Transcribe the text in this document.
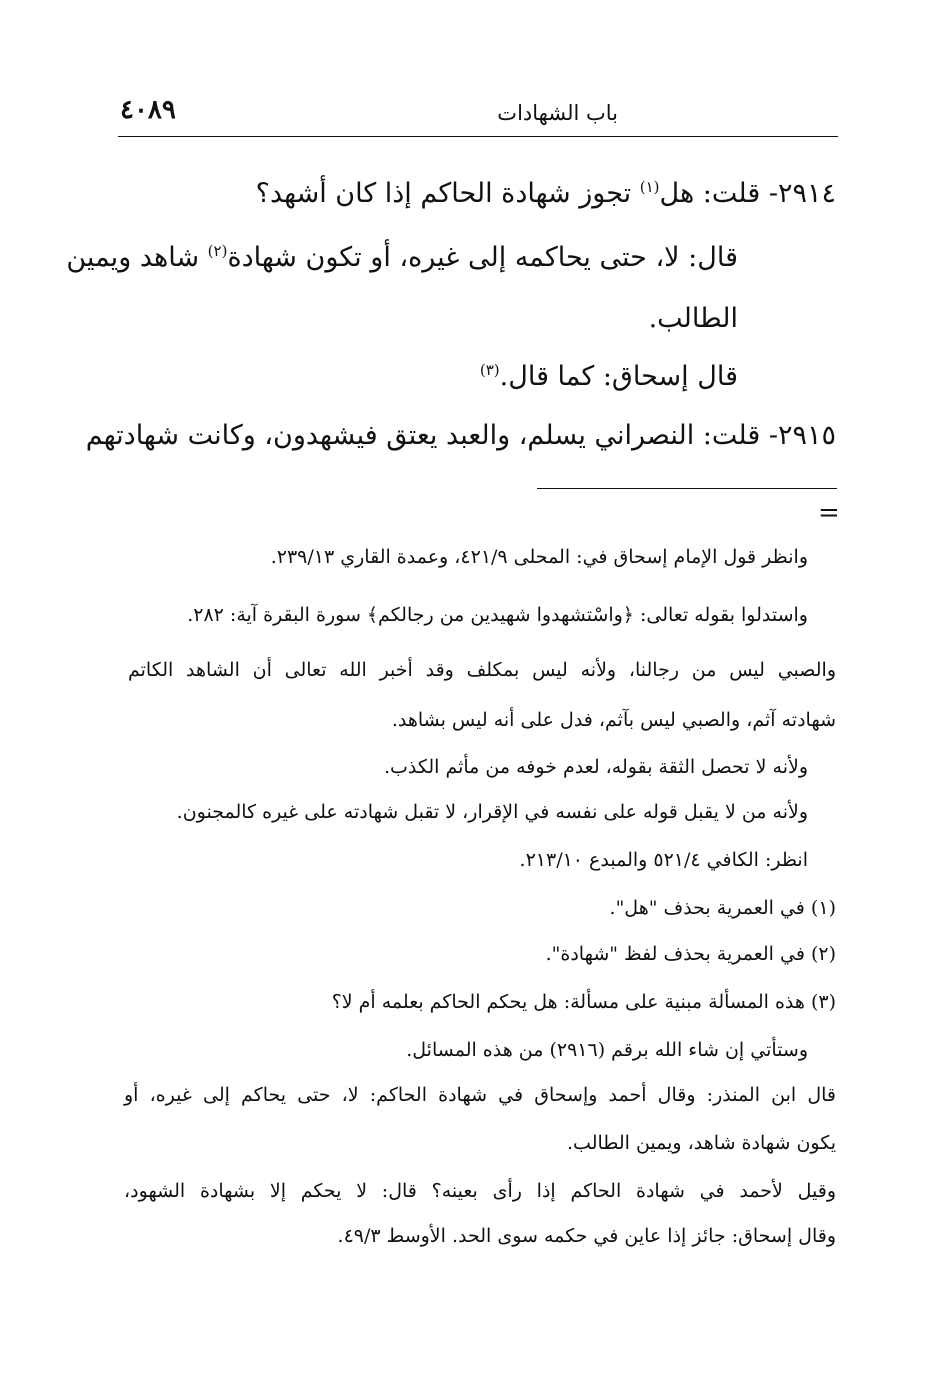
باب الشهادات
٤٠٨٩
٢٩١٤- قلت: هل$^{(١)}$ تجوز شهادة الحاكم إذا كان أشهد؟
قال: لا، حتى يحاكمه إلى غيره، أو تكون شهادة$^{(٢)}$ شاهد ويمين
الطالب.
قال إسحاق: كما قال.$^{(٣)}$
٢٩١٥- قلت: النصراني يسلم، والعبد يعتق فيشهدون، وكانت شهادتهم
=
وانظر قول الإمام إسحاق في: المحلى ٤٢١/٩، وعمدة القاري ٢٣٩/١٣.
واستدلوا بقوله تعالى: ﴿واسْتشهدوا شهيدين من رجالكم﴾ سورة البقرة آية: ٢٨٢.
والصبي ليس من رجالنا، ولأنه ليس بمكلف وقد أخبر الله تعالى أن الشاهد الكاتم
شهادته آثم، والصبي ليس بآثم، فدل على أنه ليس بشاهد.
ولأنه لا تحصل الثقة بقوله، لعدم خوفه من مأثم الكذب.
ولأنه من لا يقبل قوله على نفسه في الإقرار، لا تقبل شهادته على غيره كالمجنون.
انظر: الكافي ٥٢١/٤ والمبدع ٢١٣/١٠.
(١) في العمرية بحذف "هل".
(٢) في العمرية بحذف لفظ "شهادة".
(٣) هذه المسألة مبنية على مسألة: هل يحكم الحاكم بعلمه أم لا؟
وستأتي إن شاء الله برقم (٢٩١٦) من هذه المسائل.
قال ابن المنذر: وقال أحمد وإسحاق في شهادة الحاكم: لا، حتى يحاكم إلى غيره، أو
يكون شهادة شاهد، ويمين الطالب.
وقيل لأحمد في شهادة الحاكم إذا رأى بعينه؟ قال: لا يحكم إلا بشهادة الشهود،
وقال إسحاق: جائز إذا عاين في حكمه سوى الحد. الأوسط ٤٩/٣.
